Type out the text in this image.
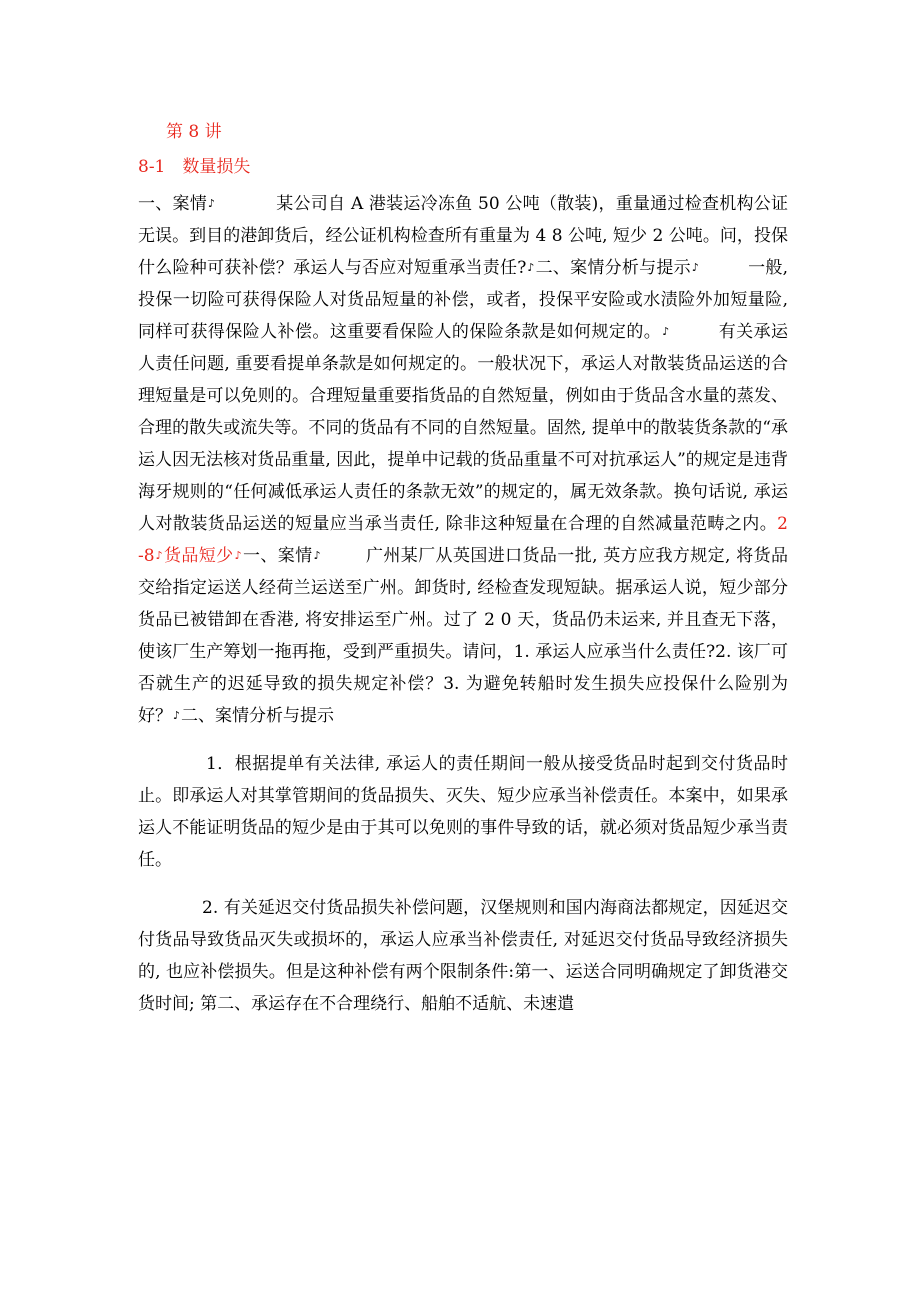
第 8 讲
8-1　数量损失

一、案情♪	某公司自 A 港装运冷冻鱼 50 公吨（散装)，重量通过检查机构公证无误。到目的港卸货后，经公证机构检查所有重量为 4 8 公吨, 短少 2 公吨。问，投保什么险种可获补偿？承运人与否应对短重承当责任?♪二、案情分析与提示♪	一般, 投保一切险可获得保险人对货品短量的补偿，或者，投保平安险或水渍险外加短量险, 同样可获得保险人补偿。这重要看保险人的保险条款是如何规定的。♪	有关承运人责任问题, 重要看提单条款是如何规定的。一般状况下，承运人对散装货品运送的合理短量是可以免则的。合理短量重要指货品的自然短量，例如由于货品含水量的蒸发、合理的散失或流失等。不同的货品有不同的自然短量。固然, 提单中的散装货条款的“承运人因无法核对货品重量, 因此，提单中记载的货品重量不可对抗承运人”的规定是违背海牙规则的“任何减低承运人责任的条款无效”的规定的，属无效条款。换句话说, 承运人对散装货品运送的短量应当承当责任, 除非这种短量在合理的自然减量范畴之内。2 -8♪货品短少♪一、案情♪	广州某厂从英国进口货品一批, 英方应我方规定, 将货品交给指定运送人经荷兰运送至广州。卸货时, 经检查发现短缺。据承运人说，短少部分货品已被错卸在香港, 将安排运至广州。过了 2 0 天，货品仍未运来, 并且查无下落，使该厂生产筹划一拖再拖，受到严重损失。请问，1. 承运人应承当什么责任?2. 该厂可否就生产的迟延导致的损失规定补偿？3. 为避免转船时发生损失应投保什么险别为好？♪二、案情分析与提示

1．根据提单有关法律, 承运人的责任期间一般从接受货品时起到交付货品时止。即承运人对其掌管期间的货品损失、灭失、短少应承当补偿责任。本案中，如果承运人不能证明货品的短少是由于其可以免则的事件导致的话，就必须对货品短少承当责任。

2. 有关延迟交付货品损失补偿问题，汉堡规则和国内海商法都规定，因延迟交付货品导致货品灭失或损坏的，承运人应承当补偿责任, 对延迟交付货品导致经济损失的, 也应补偿损失。但是这种补偿有两个限制条件:第一、运送合同明确规定了卸货港交货时间; 第二、承运存在不合理绕行、船舶不适航、未速遣
